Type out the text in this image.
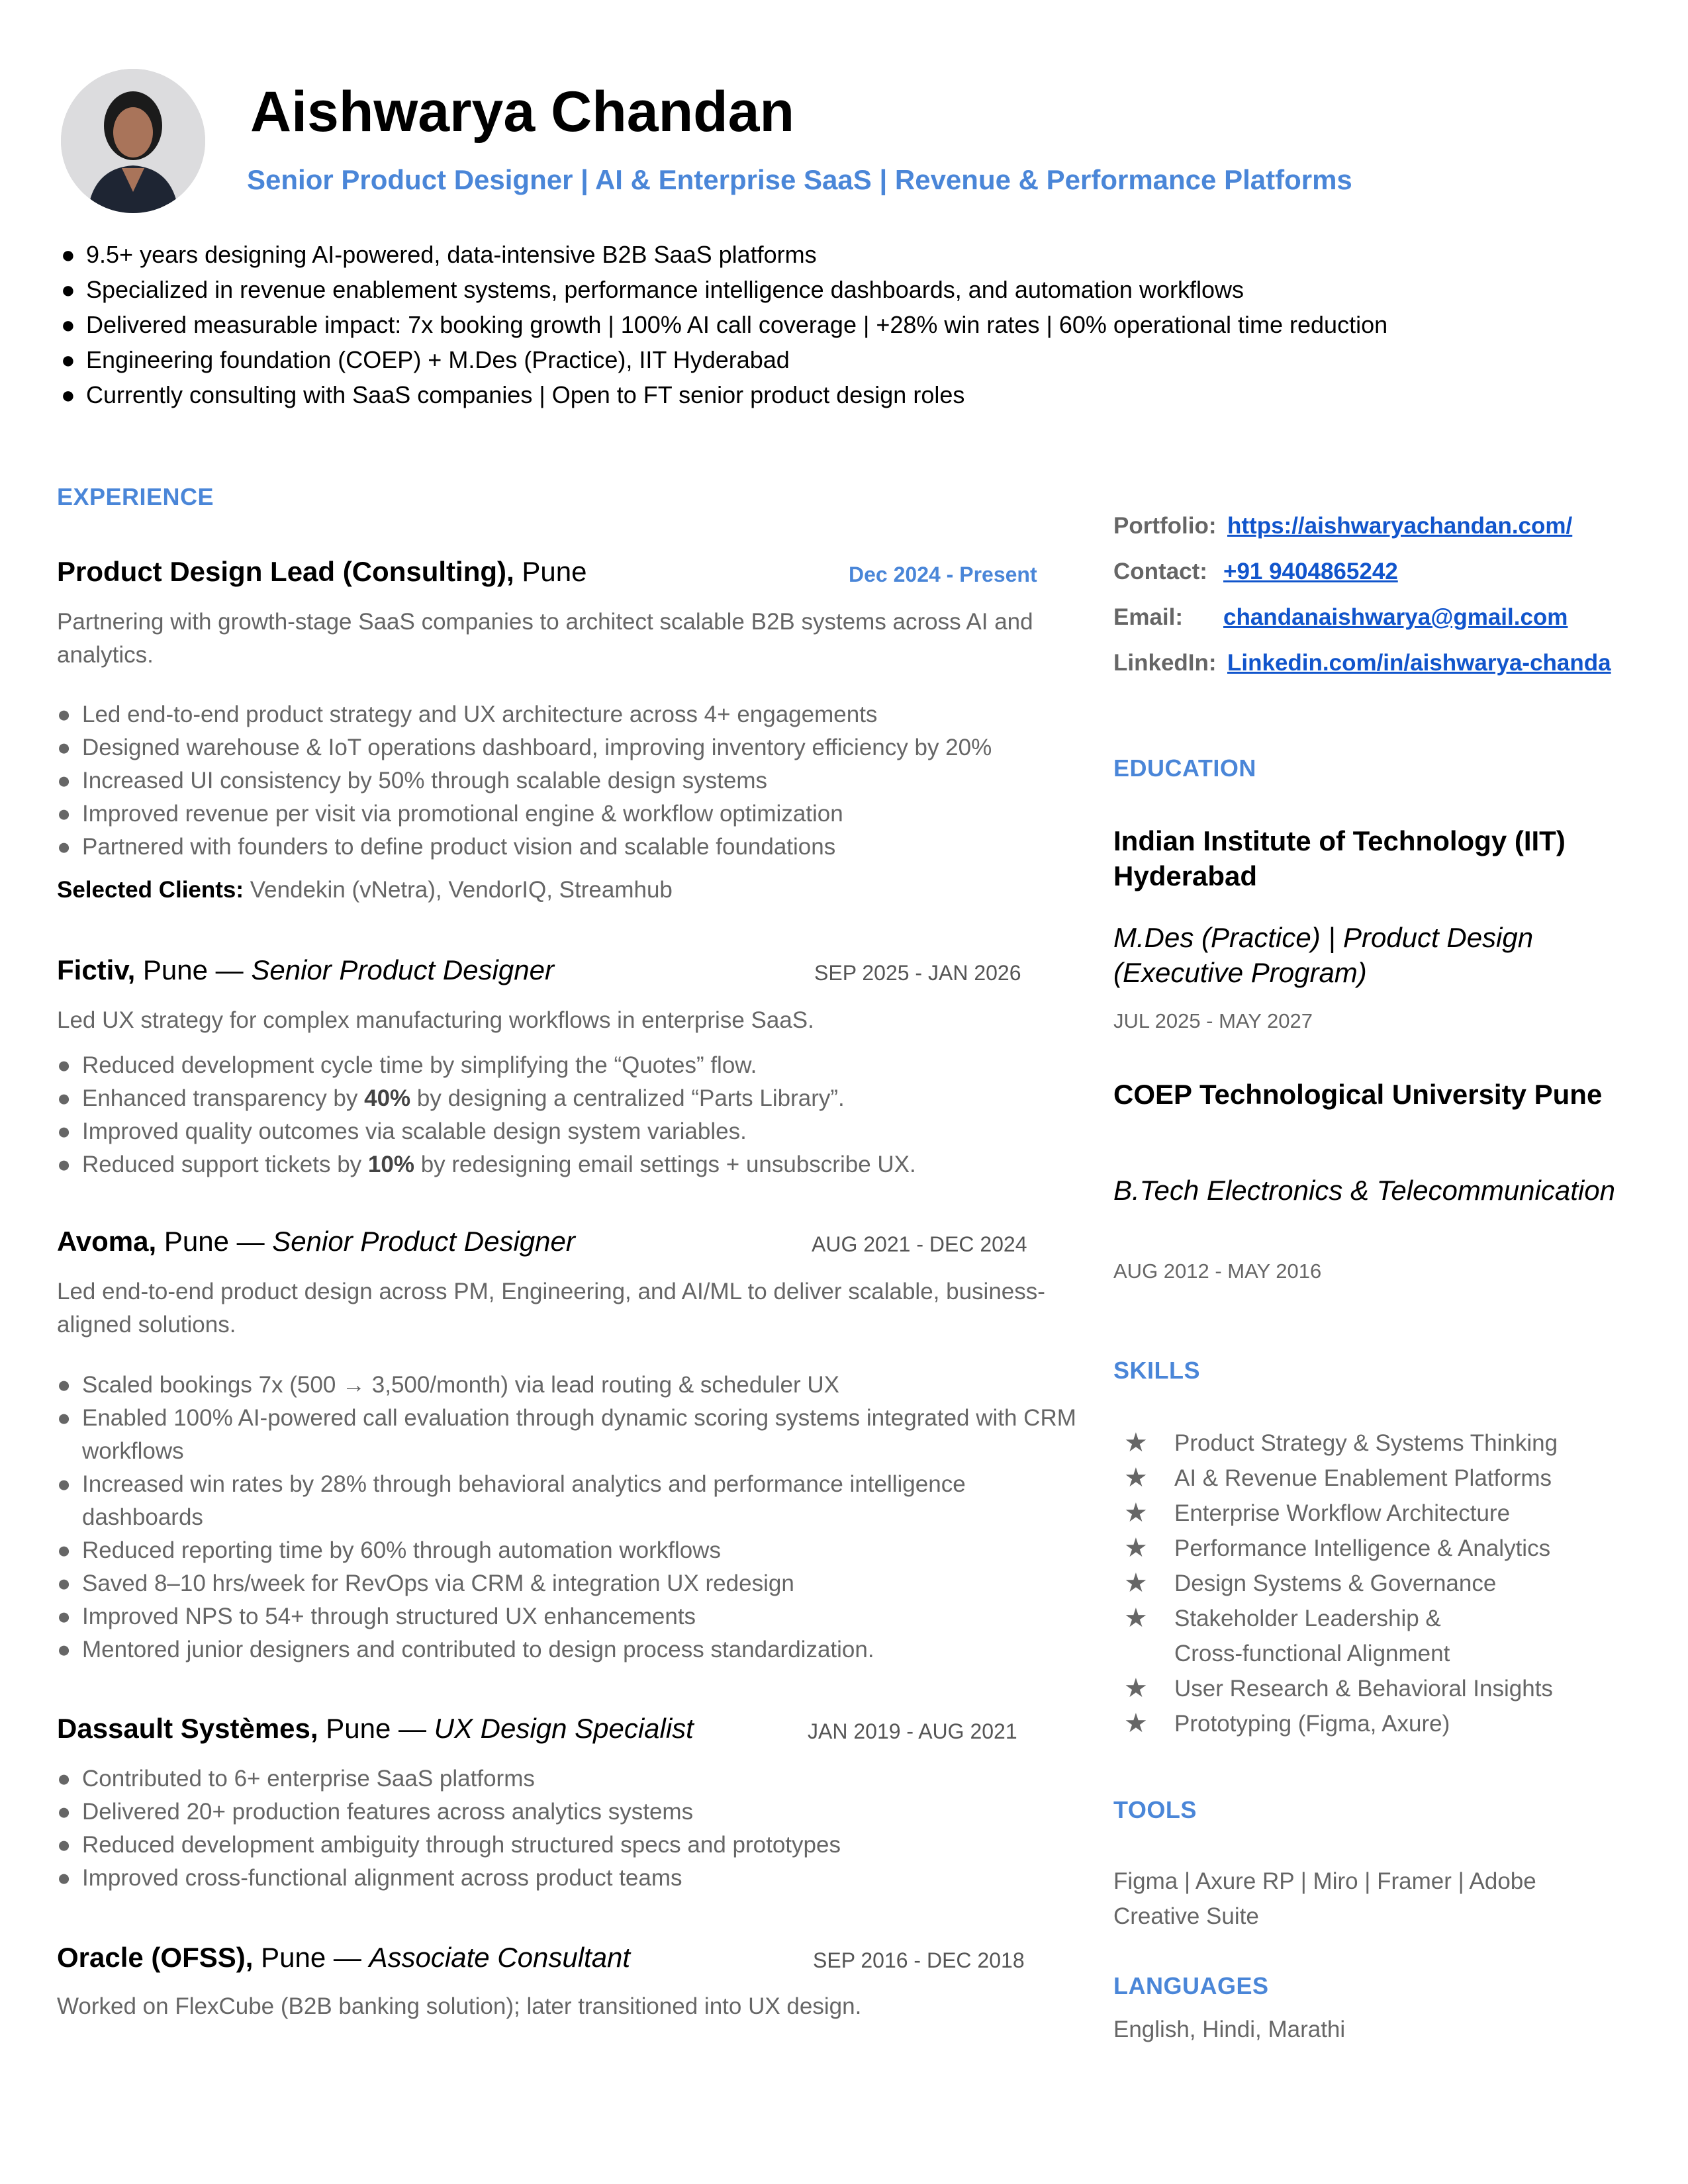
Aishwarya Chandan
Senior Product Designer | AI & Enterprise SaaS | Revenue & Performance Platforms
● 9.5+ years designing AI-powered, data-intensive B2B SaaS platforms
● Specialized in revenue enablement systems, performance intelligence dashboards, and automation workflows
● Delivered measurable impact: 7x booking growth | 100% AI call coverage | +28% win rates | 60% operational time reduction
● Engineering foundation (COEP) + M.Des (Practice), IIT Hyderabad
● Currently consulting with SaaS companies | Open to FT senior product design roles
EXPERIENCE
Product Design Lead (Consulting), Pune	Dec 2024 - Present
Partnering with growth-stage SaaS companies to architect scalable B2B systems across AI and analytics.
● Led end-to-end product strategy and UX architecture across 4+ engagements
● Designed warehouse & IoT operations dashboard, improving inventory efficiency by 20%
● Increased UI consistency by 50% through scalable design systems
● Improved revenue per visit via promotional engine & workflow optimization
● Partnered with founders to define product vision and scalable foundations
Selected Clients: Vendekin (vNetra), VendorIQ, Streamhub
Fictiv, Pune — Senior Product Designer	SEP 2025 - JAN 2026
Led UX strategy for complex manufacturing workflows in enterprise SaaS.
● Reduced development cycle time by simplifying the “Quotes” flow.
● Enhanced transparency by 40% by designing a centralized “Parts Library”.
● Improved quality outcomes via scalable design system variables.
● Reduced support tickets by 10% by redesigning email settings + unsubscribe UX.
Avoma, Pune — Senior Product Designer	AUG 2021 - DEC 2024
Led end-to-end product design across PM, Engineering, and AI/ML to deliver scalable, business-aligned solutions.
● Scaled bookings 7x (500 → 3,500/month) via lead routing & scheduler UX
● Enabled 100% AI-powered call evaluation through dynamic scoring systems integrated with CRM workflows
● Increased win rates by 28% through behavioral analytics and performance intelligence dashboards
● Reduced reporting time by 60% through automation workflows
● Saved 8–10 hrs/week for RevOps via CRM & integration UX redesign
● Improved NPS to 54+ through structured UX enhancements
● Mentored junior designers and contributed to design process standardization.
Dassault Systèmes, Pune — UX Design Specialist	JAN 2019 - AUG 2021
● Contributed to 6+ enterprise SaaS platforms
● Delivered 20+ production features across analytics systems
● Reduced development ambiguity through structured specs and prototypes
● Improved cross-functional alignment across product teams
Oracle (OFSS), Pune — Associate Consultant	SEP 2016 - DEC 2018
Worked on FlexCube (B2B banking solution); later transitioned into UX design.
Portfolio: https://aishwaryachandan.com/
Contact: +91 9404865242
Email: chandanaishwarya@gmail.com
LinkedIn: Linkedin.com/in/aishwarya-chanda
EDUCATION
Indian Institute of Technology (IIT) Hyderabad
M.Des (Practice) | Product Design (Executive Program)
JUL 2025 - MAY 2027
COEP Technological University Pune
B.Tech Electronics & Telecommunication
AUG 2012 - MAY 2016
SKILLS
★ Product Strategy & Systems Thinking
★ AI & Revenue Enablement Platforms
★ Enterprise Workflow Architecture
★ Performance Intelligence & Analytics
★ Design Systems & Governance
★ Stakeholder Leadership & Cross-functional Alignment
★ User Research & Behavioral Insights
★ Prototyping (Figma, Axure)
TOOLS
Figma | Axure RP | Miro | Framer | Adobe Creative Suite
LANGUAGES
English, Hindi, Marathi
